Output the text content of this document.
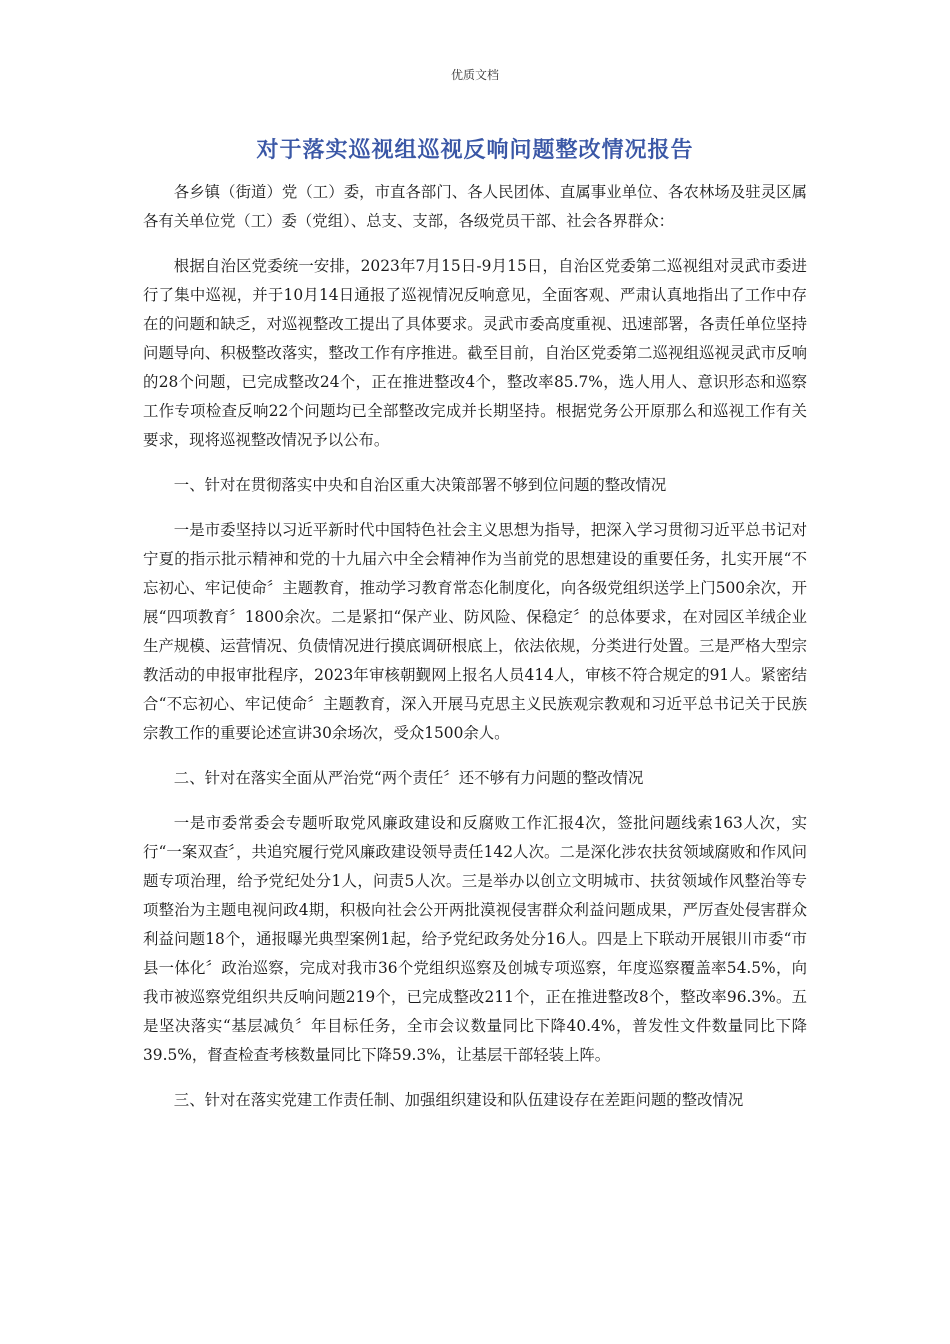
优质文档
对于落实巡视组巡视反响问题整改情况报告

各乡镇（街道）党（工）委，市直各部门、各人民团体、直属事业单位、各农林场及驻灵区属各有关单位党（工）委（党组）、总支、支部，各级党员干部、社会各界群众：

根据自治区党委统一安排，2023年7月15日-9月15日，自治区党委第二巡视组对灵武市委进行了集中巡视，并于10月14日通报了巡视情况反响意见，全面客观、严肃认真地指出了工作中存在的问题和缺乏，对巡视整改工提出了具体要求。灵武市委高度重视、迅速部署，各责任单位坚持问题导向、积极整改落实，整改工作有序推进。截至目前，自治区党委第二巡视组巡视灵武市反响的28个问题，已完成整改24个，正在推进整改4个，整改率85.7%，选人用人、意识形态和巡察工作专项检查反响22个问题均已全部整改完成并长期坚持。根据党务公开原那么和巡视工作有关要求，现将巡视整改情况予以公布。

一、针对在贯彻落实中央和自治区重大决策部署不够到位问题的整改情况

一是市委坚持以习近平新时代中国特色社会主义思想为指导，把深入学习贯彻习近平总书记对宁夏的指示批示精神和党的十九届六中全会精神作为当前党的思想建设的重要任务，扎实开展“不忘初心、牢记使命〞主题教育，推动学习教育常态化制度化，向各级党组织送学上门500余次，开展“四项教育〞1800余次。二是紧扣“保产业、防风险、保稳定〞的总体要求，在对园区羊绒企业生产规模、运营情况、负债情况进行摸底调研根底上，依法依规，分类进行处置。三是严格大型宗教活动的申报审批程序，2023年审核朝觐网上报名人员414人，审核不符合规定的91人。紧密结合“不忘初心、牢记使命〞主题教育，深入开展马克思主义民族观宗教观和习近平总书记关于民族宗教工作的重要论述宣讲30余场次，受众1500余人。

二、针对在落实全面从严治党“两个责任〞还不够有力问题的整改情况

一是市委常委会专题听取党风廉政建设和反腐败工作汇报4次，签批问题线索163人次，实行“一案双查〞，共追究履行党风廉政建设领导责任142人次。二是深化涉农扶贫领域腐败和作风问题专项治理，给予党纪处分1人，问责5人次。三是举办以创立文明城市、扶贫领域作风整治等专项整治为主题电视问政4期，积极向社会公开两批漠视侵害群众利益问题成果，严厉查处侵害群众利益问题18个，通报曝光典型案例1起，给予党纪政务处分16人。四是上下联动开展银川市委“市县一体化〞政治巡察，完成对我市36个党组织巡察及创城专项巡察，年度巡察覆盖率54.5%，向我市被巡察党组织共反响问题219个，已完成整改211个，正在推进整改8个，整改率96.3%。五是坚决落实“基层减负〞年目标任务，全市会议数量同比下降40.4%，普发性文件数量同比下降39.5%，督查检查考核数量同比下降59.3%，让基层干部轻装上阵。

三、针对在落实党建工作责任制、加强组织建设和队伍建设存在差距问题的整改情况
